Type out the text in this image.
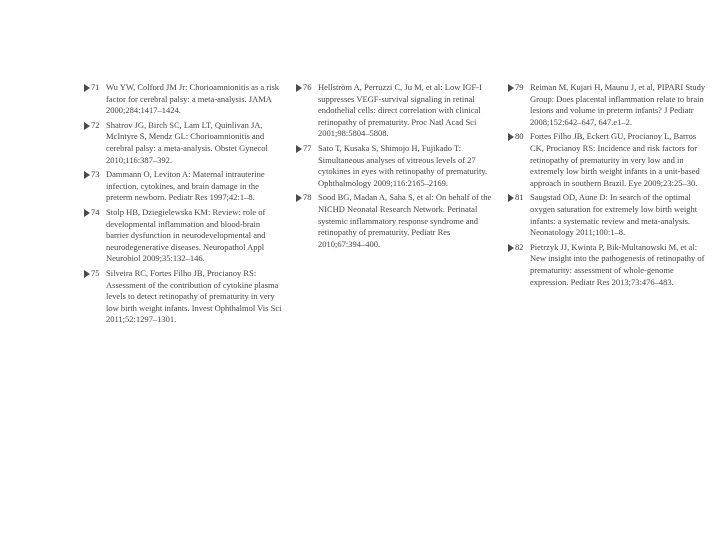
71 Wu YW, Colford JM Jr: Chorioamnionitis as a risk factor for cerebral palsy: a meta-analysis. JAMA 2000;284:1417–1424.
72 Shatrov JG, Birch SC, Lam LT, Quinlivan JA, McIntyre S, Mendz GL: Chorioamnionitis and cerebral palsy: a meta-analysis. Obstet Gynecol 2010;116:387–392.
73 Dammann O, Leviton A: Maternal intrauterine infection, cytokines, and brain damage in the preterm newborn. Pediatr Res 1997;42:1–8.
74 Stolp HB, Dziegielewska KM: Review: role of developmental inflammation and blood-brain barrier dysfunction in neurodevelopmental and neurodegenerative diseases. Neuropathol Appl Neurobiol 2009;35:132–146.
75 Silveira RC, Fortes Filho JB, Procianoy RS: Assessment of the contribution of cytokine plasma levels to detect retinopathy of prematurity in very low birth weight infants. Invest Ophthalmol Vis Sci 2011;52:1297–1301.
76 Hellström A, Perruzzi C, Ju M, et al: Low IGF-I suppresses VEGF-survival signaling in retinal endothelial cells: direct correlation with clinical retinopathy of prematurity. Proc Natl Acad Sci 2001;98:5804–5808.
77 Sato T, Kusaka S, Shimojo H, Fujikado T: Simultaneous analyses of vitreous levels of 27 cytokines in eyes with retinopathy of prematurity. Ophthalmology 2009;116:2165–2169.
78 Sood BG, Madan A, Saha S, et al: On behalf of the NICHD Neonatal Research Network. Perinatal systemic inflammatory response syndrome and retinopathy of prematurity. Pediatr Res 2010;67:394–400.
79 Reiman M, Kujari H, Maunu J, et al, PIPARI Study Group: Does placental inflammation relate to brain lesions and volume in preterm infants? J Pediatr 2008;152:642–647, 647.e1–2.
80 Fortes Filho JB, Eckert GU, Procianoy L, Barros CK, Procianoy RS: Incidence and risk factors for retinopathy of prematurity in very low and in extremely low birth weight infants in a unit-based approach in southern Brazil. Eye 2009;23:25–30.
81 Saugstad OD, Aune D: In search of the optimal oxygen saturation for extremely low birth weight infants: a systematic review and meta-analysis. Neonatology 2011;100:1–8.
82 Pietrzyk JJ, Kwinta P, Bik-Multanowski M, et al: New insight into the pathogenesis of retinopathy of prematurity: assessment of whole-genome expression. Pediatr Res 2013;73:476–483.
